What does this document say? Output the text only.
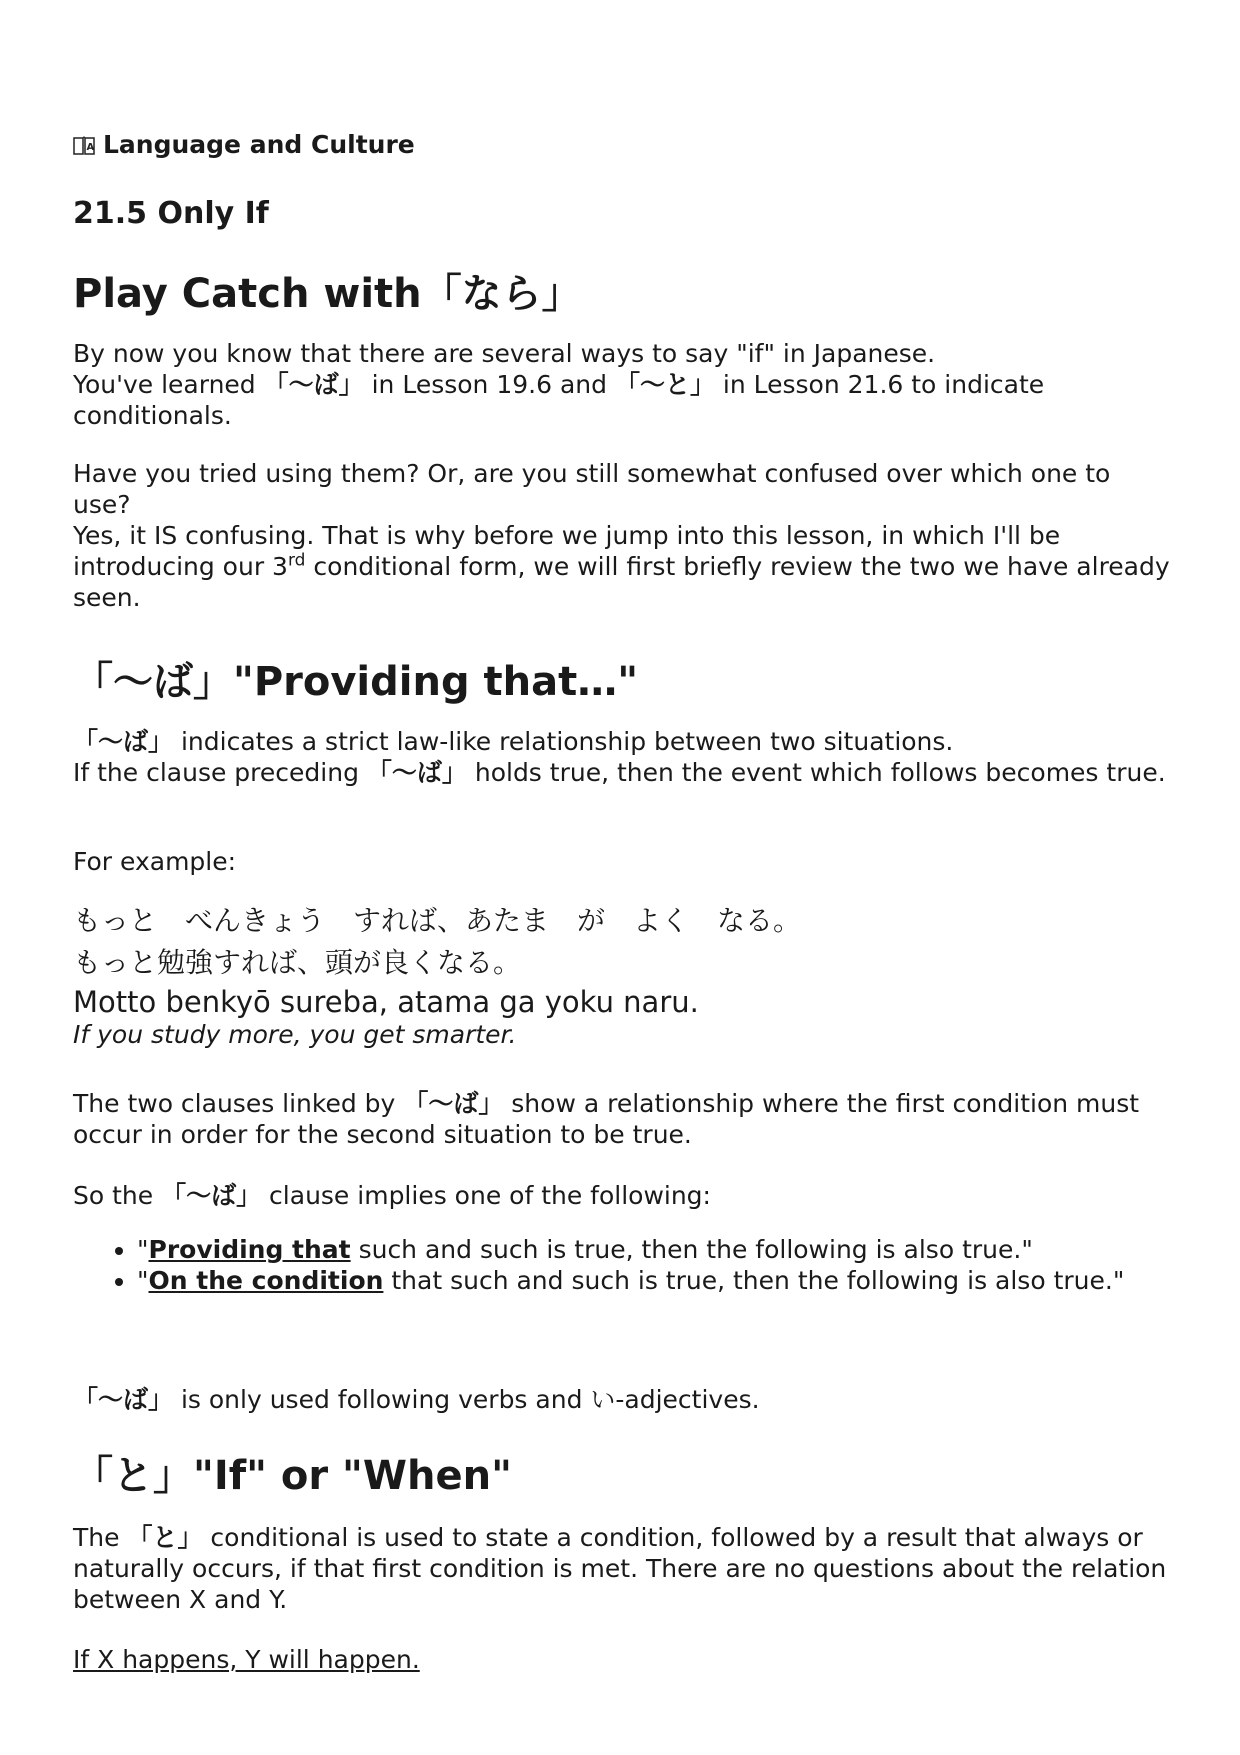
A Language and Culture
21.5 Only If
Play Catch with「なら」

By now you know that there are several ways to say "if" in Japanese.
You've learned 「〜ば」 in Lesson 19.6 and 「〜と」 in Lesson 21.6 to indicate conditionals.

Have you tried using them? Or, are you still somewhat confused over which one to use?

Yes, it IS confusing. That is why before we jump into this lesson, in which I'll be introducing our 3rd conditional form, we will first briefly review the two we have already seen.

「〜ば」"Providing that…"

「〜ば」 indicates a strict law-like relationship between two situations.

If the clause preceding 「〜ば」 holds true, then the event which follows becomes true.

For example:

もっと　べんきょう　すれば、あたま　が　よく　なる。

もっと勉強すれば、頭が良くなる。

Motto benkyō sureba, atama ga yoku naru.

If you study more, you get smarter.

The two clauses linked by 「〜ば」 show a relationship where the first condition must occur in order for the second situation to be true.

So the 「〜ば」 clause implies one of the following:

• "Providing that such and such is true, then the following is also true."
• "On the condition that such and such is true, then the following is also true."

「〜ば」 is only used following verbs and い-adjectives.

「と」"If" or "When"

The 「と」 conditional is used to state a condition, followed by a result that always or naturally occurs, if that first condition is met. There are no questions about the relation between X and Y.

If X happens, Y will happen.
